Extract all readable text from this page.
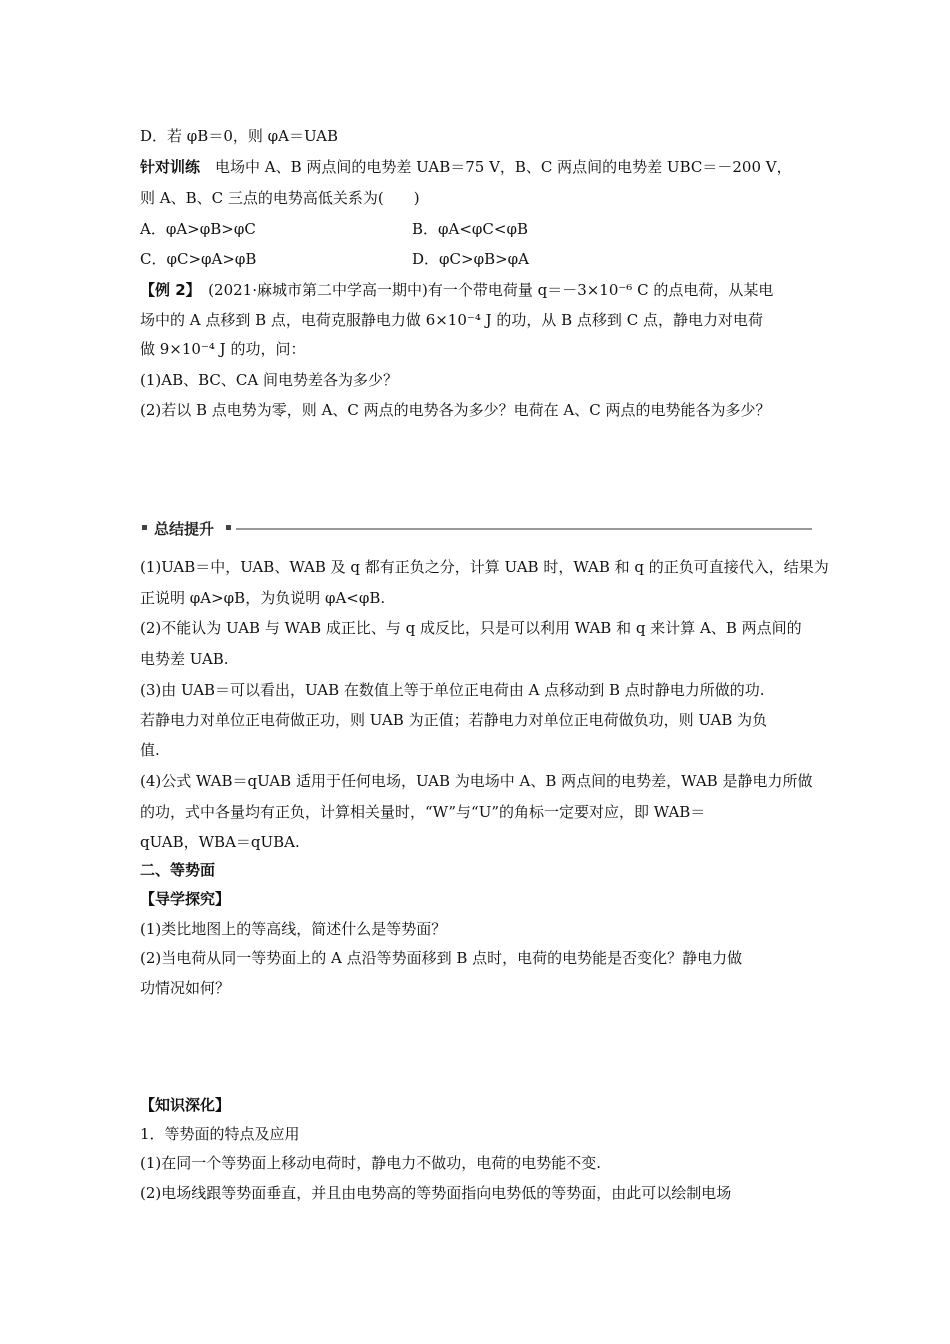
D．若 φB＝0，则 φA＝UAB
针对训练　电场中 A、B 两点间的电势差 UAB＝75 V，B、C 两点间的电势差 UBC＝－200 V，
则 A、B、C 三点的电势高低关系为(　　)
A．φA>φB>φC	B．φA<φC<φB
C．φC>φA>φB	D．φC>φB>φA
【例 2】　(2021·麻城市第二中学高一期中)有一个带电荷量 q＝－3×10⁻⁶ C 的点电荷，从某电
场中的 A 点移到 B 点，电荷克服静电力做 6×10⁻⁴ J 的功，从 B 点移到 C 点，静电力对电荷
做 9×10⁻⁴ J 的功，问：
(1)AB、BC、CA 间电势差各为多少？
(2)若以 B 点电势为零，则 A、C 两点的电势各为多少？电荷在 A、C 两点的电势能各为多少？
总结提升
(1)UAB＝中，UAB、WAB 及 q 都有正负之分，计算 UAB 时，WAB 和 q 的正负可直接代入，结果为
正说明 φA>φB，为负说明 φA<φB.
(2)不能认为 UAB 与 WAB 成正比、与 q 成反比，只是可以利用 WAB 和 q 来计算 A、B 两点间的
电势差 UAB.
(3)由 UAB＝可以看出，UAB 在数值上等于单位正电荷由 A 点移动到 B 点时静电力所做的功.
若静电力对单位正电荷做正功，则 UAB 为正值；若静电力对单位正电荷做负功，则 UAB 为负
值.
(4)公式 WAB＝qUAB 适用于任何电场，UAB 为电场中 A、B 两点间的电势差，WAB 是静电力所做
的功，式中各量均有正负，计算相关量时，“W”与“U”的角标一定要对应，即 WAB＝
qUAB，WBA＝qUBA.
二、等势面
【导学探究】
(1)类比地图上的等高线，简述什么是等势面？
(2)当电荷从同一等势面上的 A 点沿等势面移到 B 点时，电荷的电势能是否变化？静电力做
功情况如何？
【知识深化】
1．等势面的特点及应用
(1)在同一个等势面上移动电荷时，静电力不做功，电荷的电势能不变.
(2)电场线跟等势面垂直，并且由电势高的等势面指向电势低的等势面，由此可以绘制电场
